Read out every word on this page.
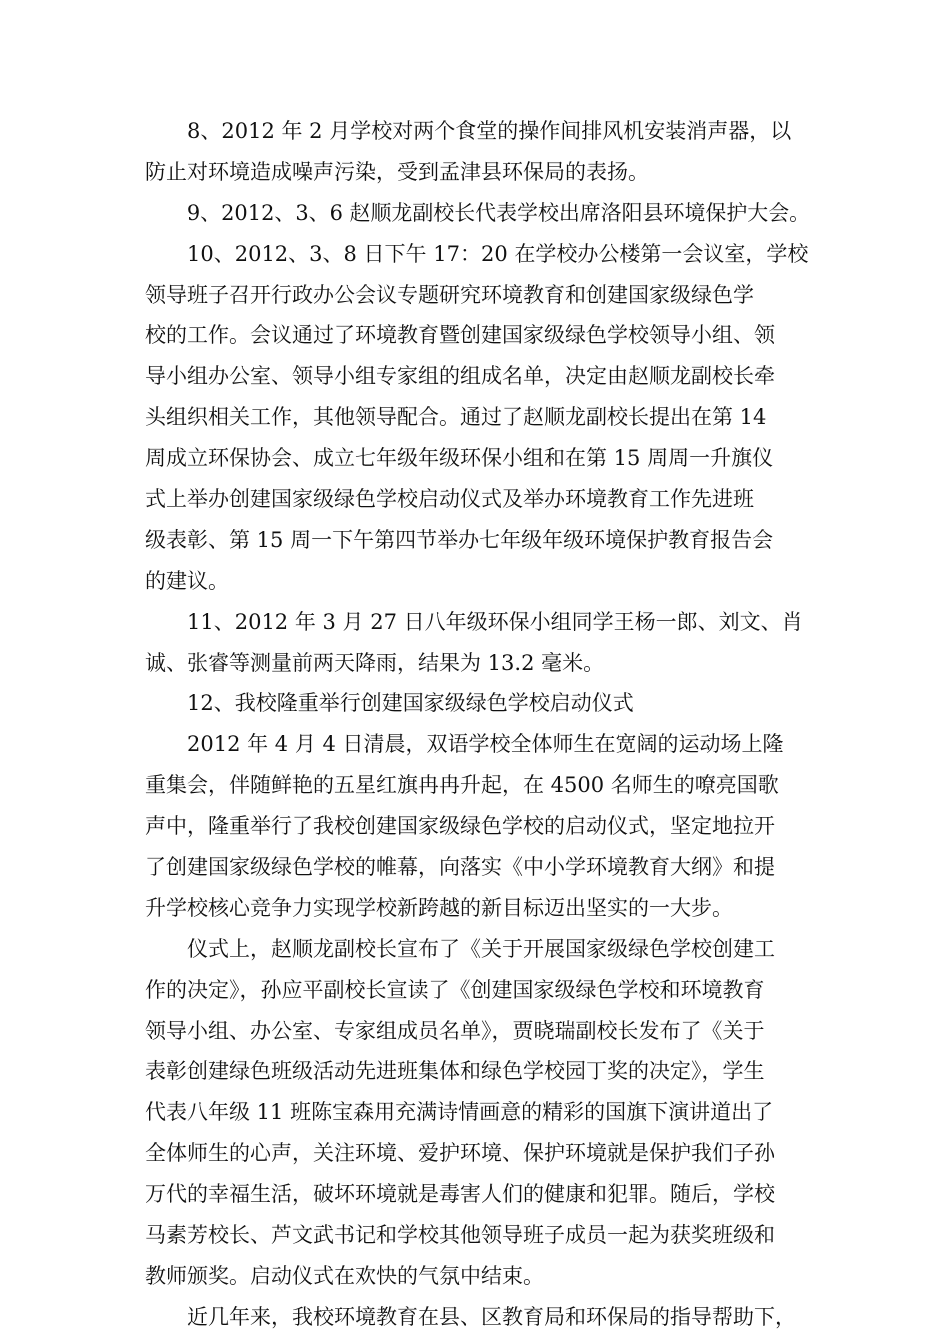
8、2012 年 2 月学校对两个食堂的操作间排风机安装消声器，以
防止对环境造成噪声污染，受到孟津县环保局的表扬。
9、2012、3、6 赵顺龙副校长代表学校出席洛阳县环境保护大会。
10、2012、3、8 日下午 17：20 在学校办公楼第一会议室，学校
领导班子召开行政办公会议专题研究环境教育和创建国家级绿色学
校的工作。会议通过了环境教育暨创建国家级绿色学校领导小组、领
导小组办公室、领导小组专家组的组成名单，决定由赵顺龙副校长牵
头组织相关工作，其他领导配合。通过了赵顺龙副校长提出在第 14
周成立环保协会、成立七年级年级环保小组和在第 15 周周一升旗仪
式上举办创建国家级绿色学校启动仪式及举办环境教育工作先进班
级表彰、第 15 周一下午第四节举办七年级年级环境保护教育报告会
的建议。
11、2012 年 3 月 27 日八年级环保小组同学王杨一郎、刘文、肖
诚、张睿等测量前两天降雨，结果为 13.2 毫米。
12、我校隆重举行创建国家级绿色学校启动仪式
2012 年 4 月 4 日清晨，双语学校全体师生在宽阔的运动场上隆
重集会，伴随鲜艳的五星红旗冉冉升起，在 4500 名师生的嘹亮国歌
声中，隆重举行了我校创建国家级绿色学校的启动仪式，坚定地拉开
了创建国家级绿色学校的帷幕，向落实《中小学环境教育大纲》和提
升学校核心竞争力实现学校新跨越的新目标迈出坚实的一大步。
仪式上，赵顺龙副校长宣布了《关于开展国家级绿色学校创建工
作的决定》，孙应平副校长宣读了《创建国家级绿色学校和环境教育
领导小组、办公室、专家组成员名单》，贾晓瑞副校长发布了《关于
表彰创建绿色班级活动先进班集体和绿色学校园丁奖的决定》，学生
代表八年级 11 班陈宝森用充满诗情画意的精彩的国旗下演讲道出了
全体师生的心声，关注环境、爱护环境、保护环境就是保护我们子孙
万代的幸福生活，破坏环境就是毒害人们的健康和犯罪。随后，学校
马素芳校长、芦文武书记和学校其他领导班子成员一起为获奖班级和
教师颁奖。启动仪式在欢快的气氛中结束。
近几年来，我校环境教育在县、区教育局和环保局的指导帮助下，
